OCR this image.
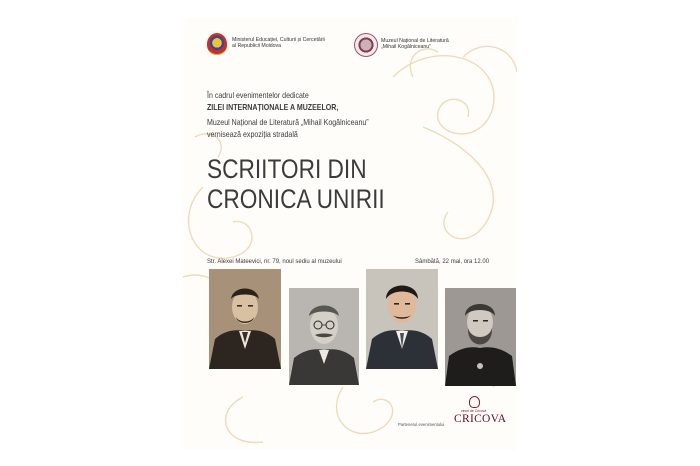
Ministerul Educației, Culturii și Cercetării
al Republicii Moldova
Muzeul Național de Literatură
„Mihail Kogălniceanu”
În cadrul evenimentelor dedicate
ZILEI INTERNAȚIONALE A MUZEELOR,
Muzeul Național de Literatură „Mihail Kogălniceanu”
vernisează expoziția stradală
SCRIITORI DIN
CRONICA UNIRII
Str. Alexei Mateevici, nr. 79, noul sediu al muzeului	Sâmbătă, 22 mai, ora 12.00
Partenerul evenimentului
vinuri de Cricova
CRICOVA
